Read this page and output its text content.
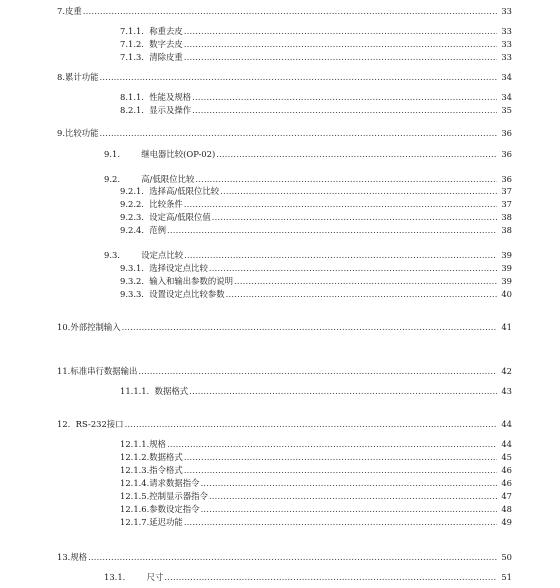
7.皮重 .....	33
7.1.1.  称重去皮 .....	33
7.1.2.  数字去皮 .....	33
7.1.3.  清除皮重 .....	33
8.累计功能 .....	34
8.1.1.  性能及规格 .....	34
8.2.1.  显示及操作 .....	35
9.比较功能 .....	36
9.1.        继电器比较(OP-02) .....	36
9.2.        高/低限位比较 .....	36
9.2.1.  选择高/低限位比较 .....	37
9.2.2.  比较条件 .....	37
9.2.3.  设定高/低限位值 .....	38
9.2.4.  范例 .....	38
9.3.        设定点比较 .....	39
9.3.1.  选择设定点比较 .....	39
9.3.2.  输入和输出参数的说明 .....	39
9.3.3.  设置设定点比较参数 .....	40
10.外部控制输入 .....	41
11.标准串行数据输出 .....	42
11.1.1.  数据格式 .....	43
12.  RS-232接口 .....	44
12.1.1.规格 .....	44
12.1.2.数据格式 .....	45
12.1.3.指令格式 .....	46
12.1.4.请求数据指令 .....	46
12.1.5.控制显示器指令 .....	47
12.1.6.参数设定指令 .....	48
12.1.7.延迟功能 .....	49
13.规格 .....	50
13.1.        尺寸 .....	51
